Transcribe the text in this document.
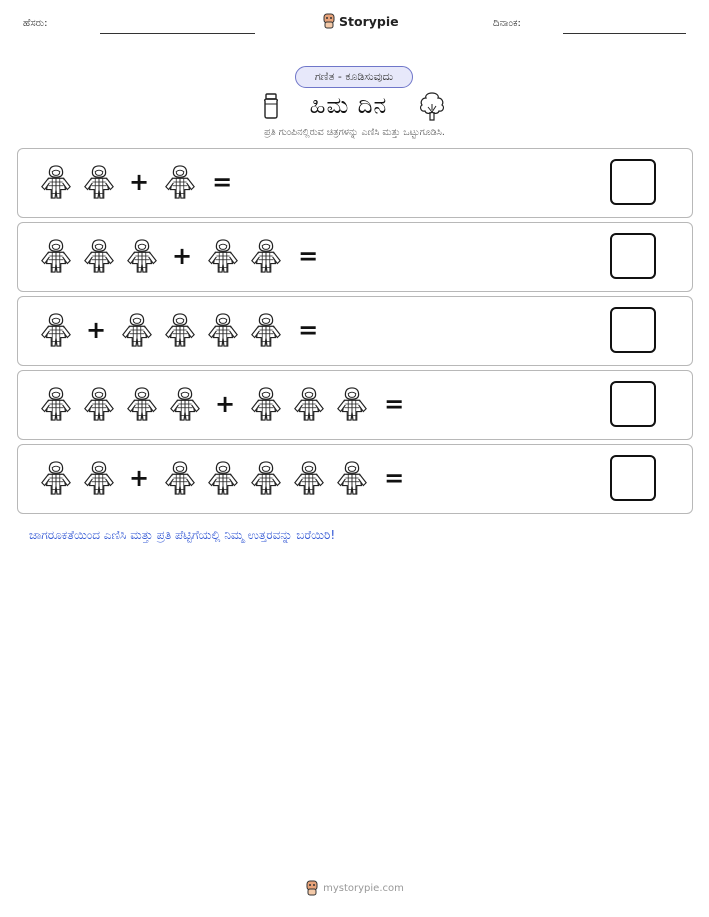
ಹೆಸರು:	Storypie	ದಿನಾಂಕ:
ಗಣಿತ - ಕೂಡಿಸುವುದು
ಹಿಮ ದಿನ
ಪ್ರತಿ ಗುಂಪಿನಲ್ಲಿರುವ ಚಿತ್ರಗಳನ್ನು ಎಣಿಸಿ ಮತ್ತು ಒಟ್ಟುಗೂಡಿಸಿ.
+	=
+	=
+	=
+	=
+	=
ಜಾಗರೂಕತೆಯಿಂದ ಎಣಿಸಿ ಮತ್ತು ಪ್ರತಿ ಪೆಟ್ಟಿಗೆಯಲ್ಲಿ ನಿಮ್ಮ ಉತ್ತರವನ್ನು ಬರೆಯಿರಿ!
mystorypie.com
